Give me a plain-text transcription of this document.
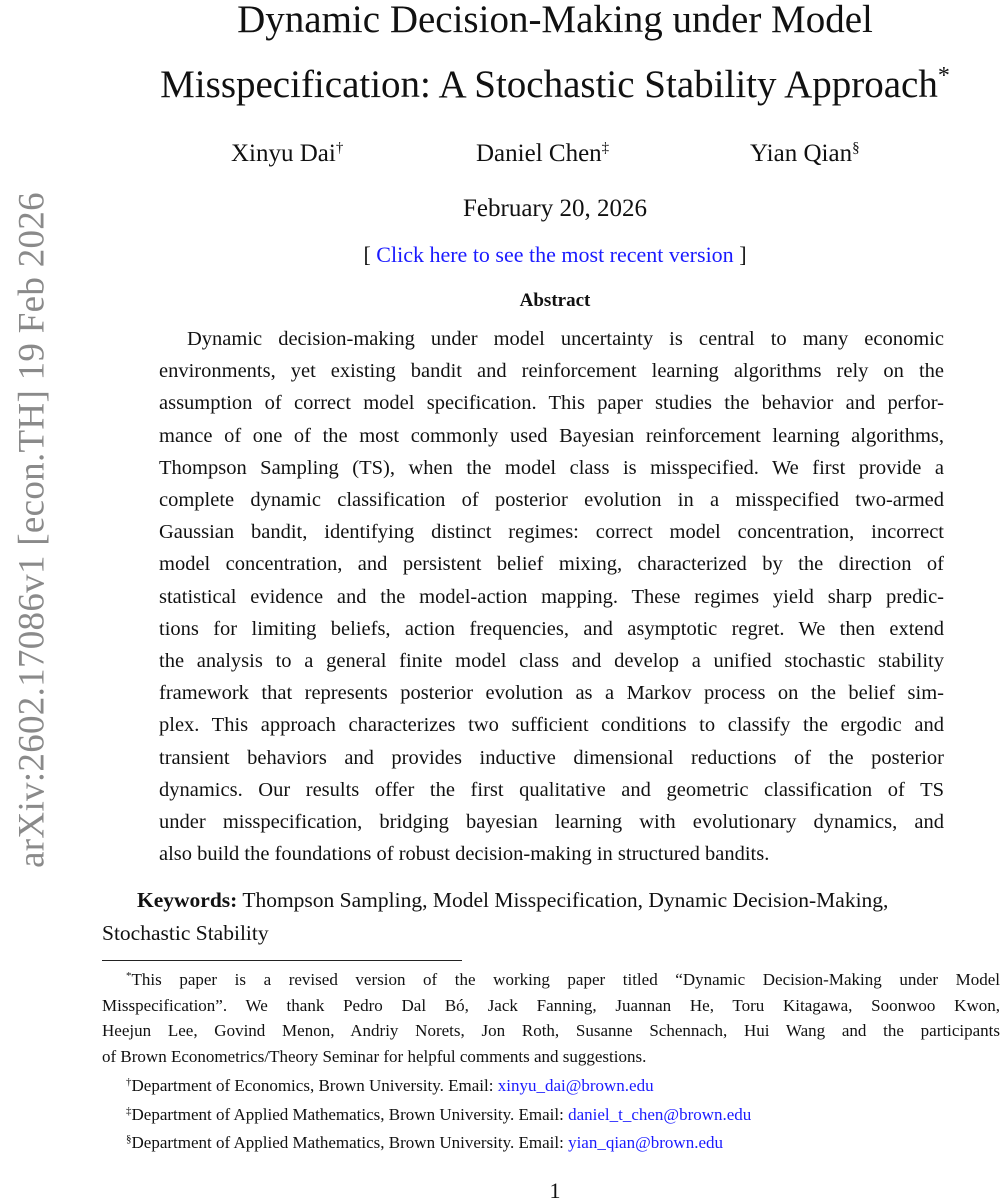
arXiv:2602.17086v1 [econ.TH] 19 Feb 2026
Dynamic Decision-Making under Model
Misspecification: A Stochastic Stability Approach*
Xinyu Dai†	Daniel Chen‡	Yian Qian§
February 20, 2026
[ Click here to see the most recent version ]
Abstract
Dynamic decision-making under model uncertainty is central to many economic
environments, yet existing bandit and reinforcement learning algorithms rely on the
assumption of correct model specification. This paper studies the behavior and perfor-
mance of one of the most commonly used Bayesian reinforcement learning algorithms,
Thompson Sampling (TS), when the model class is misspecified. We first provide a
complete dynamic classification of posterior evolution in a misspecified two-armed
Gaussian bandit, identifying distinct regimes: correct model concentration, incorrect
model concentration, and persistent belief mixing, characterized by the direction of
statistical evidence and the model-action mapping. These regimes yield sharp predic-
tions for limiting beliefs, action frequencies, and asymptotic regret. We then extend
the analysis to a general finite model class and develop a unified stochastic stability
framework that represents posterior evolution as a Markov process on the belief sim-
plex. This approach characterizes two sufficient conditions to classify the ergodic and
transient behaviors and provides inductive dimensional reductions of the posterior
dynamics. Our results offer the first qualitative and geometric classification of TS
under misspecification, bridging bayesian learning with evolutionary dynamics, and
also build the foundations of robust decision-making in structured bandits.
Keywords: Thompson Sampling, Model Misspecification, Dynamic Decision-Making,
Stochastic Stability
*This paper is a revised version of the working paper titled “Dynamic Decision-Making under Model
Misspecification”. We thank Pedro Dal Bó, Jack Fanning, Juannan He, Toru Kitagawa, Soonwoo Kwon,
Heejun Lee, Govind Menon, Andriy Norets, Jon Roth, Susanne Schennach, Hui Wang and the participants
of Brown Econometrics/Theory Seminar for helpful comments and suggestions.
†Department of Economics, Brown University. Email: xinyu_dai@brown.edu
‡Department of Applied Mathematics, Brown University. Email: daniel_t_chen@brown.edu
§Department of Applied Mathematics, Brown University. Email: yian_qian@brown.edu
1
